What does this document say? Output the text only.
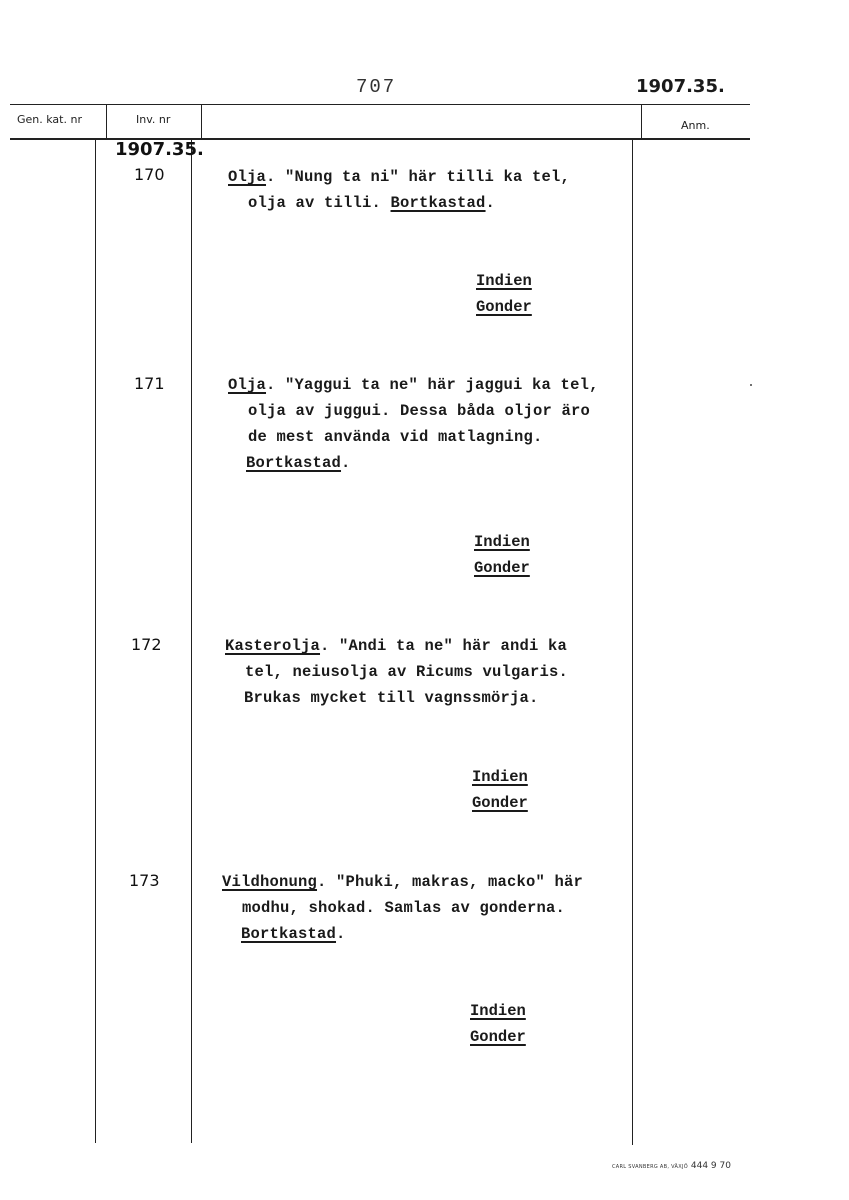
707	1907.35.
Gen. kat. nr	Inv. nr	Anm.
1907.35.
170	Olja. "Nung ta ni" här tilli ka tel,
olja av tilli. Bortkastad.
Indien
Gonder
171	Olja. "Yaggui ta ne" här jaggui ka tel,
olja av juggui. Dessa båda oljor äro
de mest använda vid matlagning.
Bortkastad.
Indien
Gonder
172	Kasterolja. "Andi ta ne" här andi ka
tel, neiusolja av Ricums vulgaris.
Brukas mycket till vagnssmörja.
Indien
Gonder
173	Vildhonung. "Phuki, makras, macko" här
modhu, shokad. Samlas av gonderna.
Bortkastad.
Indien
Gonder
CARL SVANBERG AB, VÄXJÖ 444 9 70
